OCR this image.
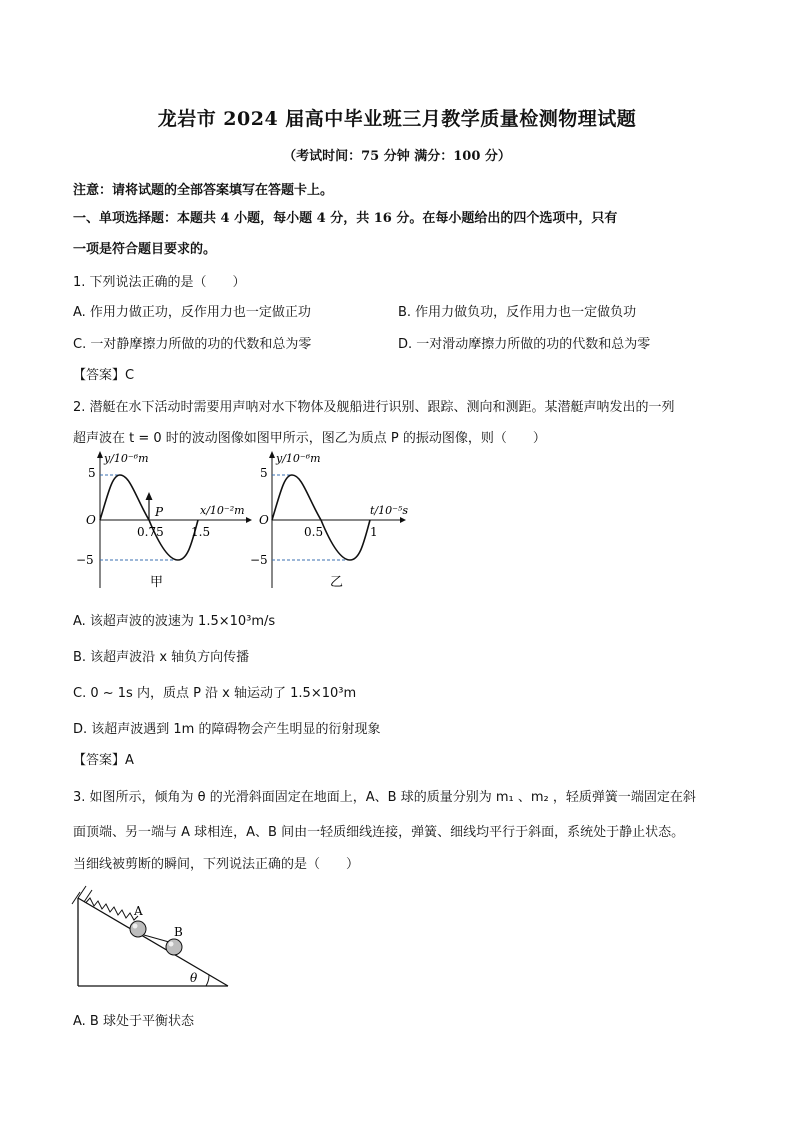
龙岩市 2024 届高中毕业班三月教学质量检测物理试题
（考试时间：75 分钟 满分：100 分）
注意：请将试题的全部答案填写在答题卡上。
一、单项选择题：本题共 4 小题，每小题 4 分，共 16 分。在每小题给出的四个选项中，只有
一项是符合题目要求的。
1. 下列说法正确的是（　　）
A. 作用力做正功，反作用力也一定做正功	B. 作用力做负功，反作用力也一定做负功
C. 一对静摩擦力所做的功的代数和总为零	D. 一对滑动摩擦力所做的功的代数和总为零
【答案】C
2. 潜艇在水下活动时需要用声呐对水下物体及舰船进行识别、跟踪、测向和测距。某潜艇声呐发出的一列
超声波在 t = 0 时的波动图像如图甲所示，图乙为质点 P 的振动图像，则（　　）
5
−5
O
y/10⁻⁶m
x/10⁻²m
P
0.75 1.5
甲
5
−5
O
y/10⁻⁶m
t/10⁻⁵s
0.5	1
乙
A. 该超声波的波速为 1.5×10³m/s
B. 该超声波沿 x 轴负方向传播
C. 0 ~ 1s 内，质点 P 沿 x 轴运动了 1.5×10³m
D. 该超声波遇到 1m 的障碍物会产生明显的衍射现象
【答案】A
3. 如图所示，倾角为 θ 的光滑斜面固定在地面上，A、B 球的质量分别为 m₁ 、m₂ ，轻质弹簧一端固定在斜
面顶端、另一端与 A 球相连，A、B 间由一轻质细线连接，弹簧、细线均平行于斜面，系统处于静止状态。
当细线被剪断的瞬间，下列说法正确的是（　　）
A
B
θ
A. B 球处于平衡状态
